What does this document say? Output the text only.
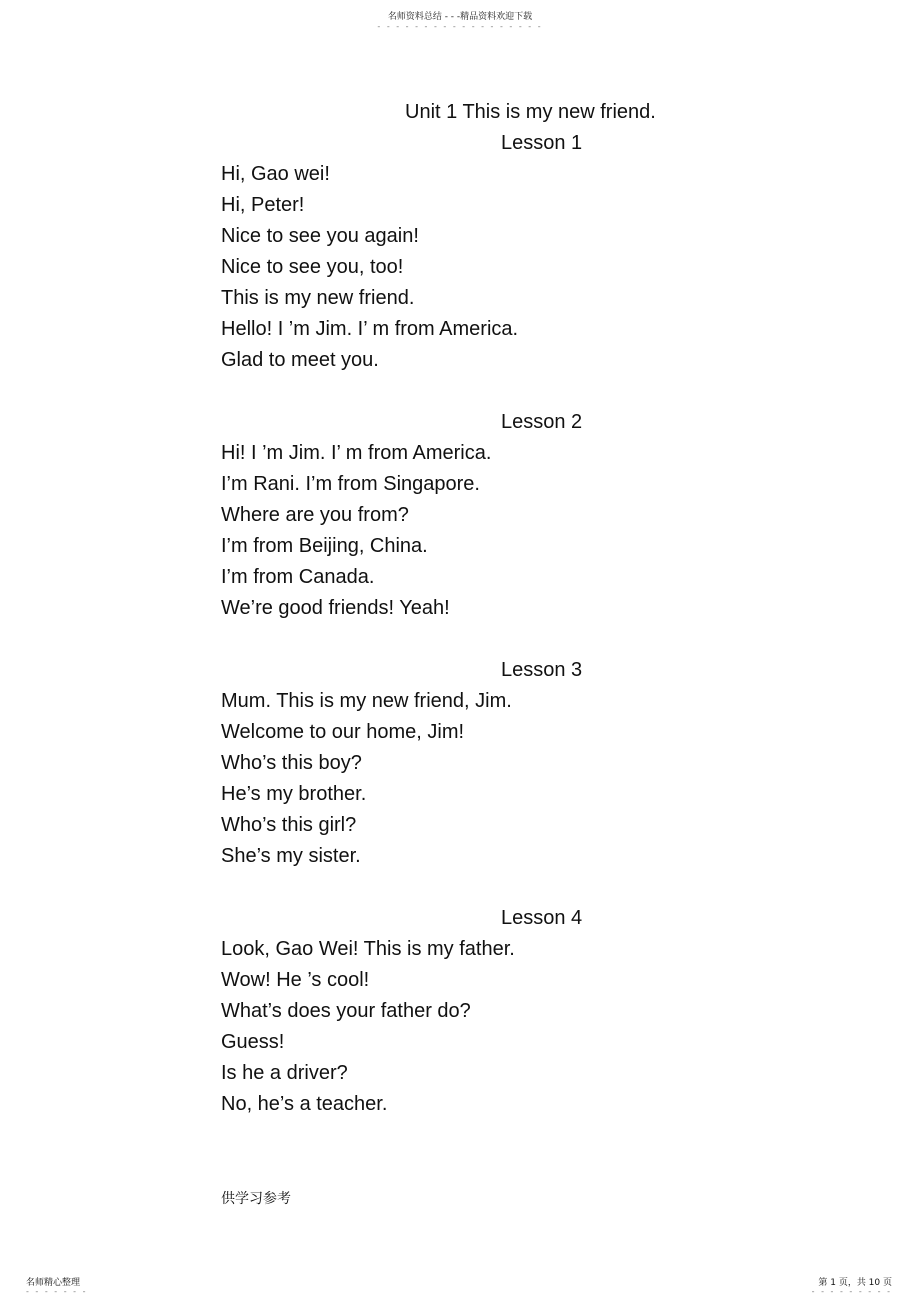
名师资料总结 - - -精品资料欢迎下载
- - - - - - - - - - - - - - - - - -
Unit 1 This is my new friend.
Lesson 1
Hi, Gao wei!
Hi, Peter!
Nice to see you again!
Nice to see you, too!
This is my new friend.
Hello! I ’m Jim. I’ m from America.
Glad to meet you.
Lesson 2
Hi! I ’m Jim. I’ m from America.
I’m Rani. I’m from Singapore.
Where are you from?
I’m from Beijing, China.
I’m from Canada.
We’re good friends! Yeah!
Lesson 3
Mum. This is my new friend, Jim.
Welcome to our home, Jim!
Who’s this boy?
He’s my brother.
Who’s this girl?
She’s my sister.
Lesson 4
Look, Gao Wei! This is my father.
Wow! He ’s cool!
What’s does your father do?
Guess!
Is he a driver?
No, he’s a teacher.
供学习参考
名师精心整理
- - - - - - -
第 1 页，共 10 页
- - - - - - - - -
